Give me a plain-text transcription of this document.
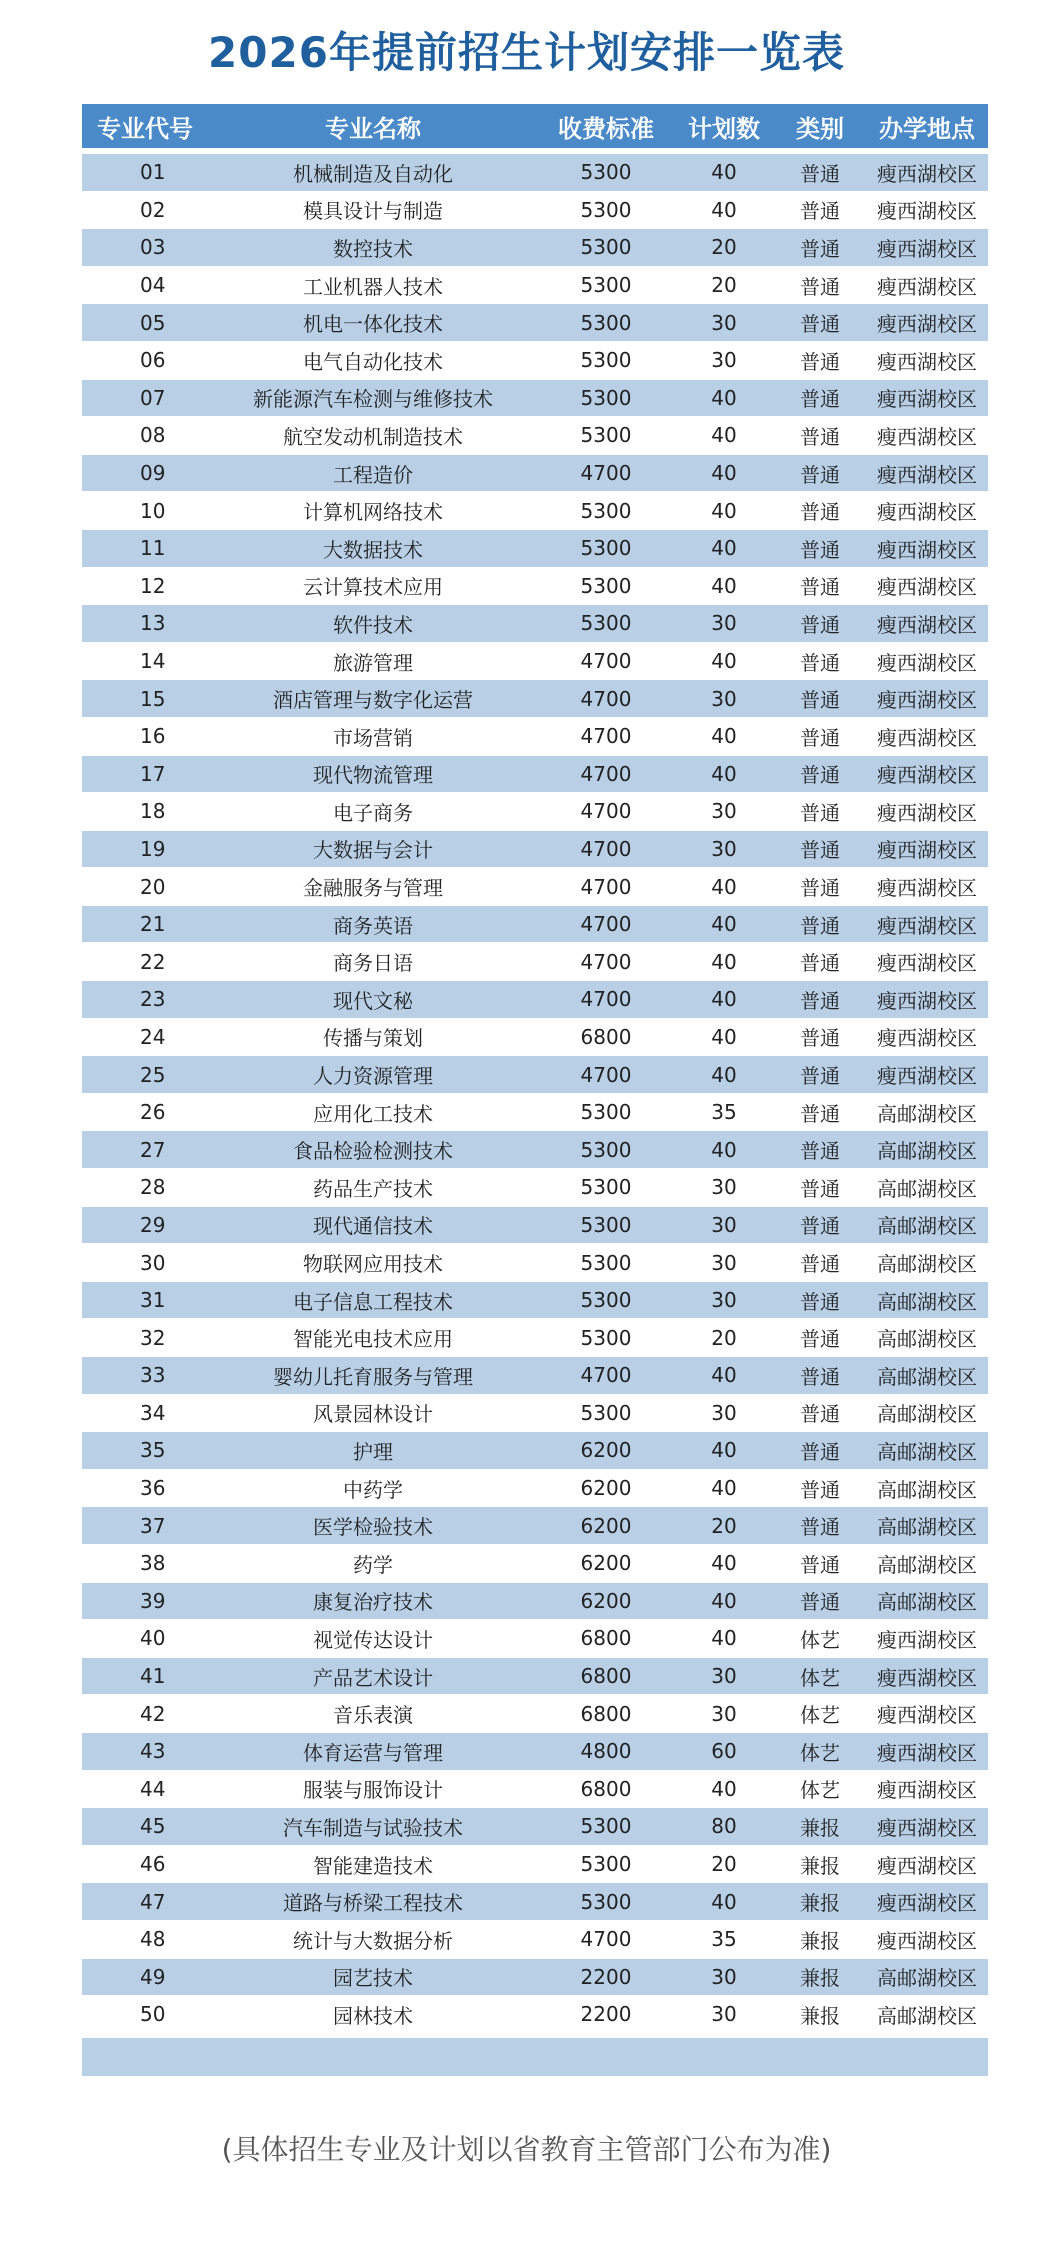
2026年提前招生计划安排一览表
专业代号	专业名称	收费标准	计划数	类别	办学地点
01	机械制造及自动化	5300	40	普通	瘦西湖校区
02	模具设计与制造	5300	40	普通	瘦西湖校区
03	数控技术	5300	20	普通	瘦西湖校区
04	工业机器人技术	5300	20	普通	瘦西湖校区
05	机电一体化技术	5300	30	普通	瘦西湖校区
06	电气自动化技术	5300	30	普通	瘦西湖校区
07	新能源汽车检测与维修技术	5300	40	普通	瘦西湖校区
08	航空发动机制造技术	5300	40	普通	瘦西湖校区
09	工程造价	4700	40	普通	瘦西湖校区
10	计算机网络技术	5300	40	普通	瘦西湖校区
11	大数据技术	5300	40	普通	瘦西湖校区
12	云计算技术应用	5300	40	普通	瘦西湖校区
13	软件技术	5300	30	普通	瘦西湖校区
14	旅游管理	4700	40	普通	瘦西湖校区
15	酒店管理与数字化运营	4700	30	普通	瘦西湖校区
16	市场营销	4700	40	普通	瘦西湖校区
17	现代物流管理	4700	40	普通	瘦西湖校区
18	电子商务	4700	30	普通	瘦西湖校区
19	大数据与会计	4700	30	普通	瘦西湖校区
20	金融服务与管理	4700	40	普通	瘦西湖校区
21	商务英语	4700	40	普通	瘦西湖校区
22	商务日语	4700	40	普通	瘦西湖校区
23	现代文秘	4700	40	普通	瘦西湖校区
24	传播与策划	6800	40	普通	瘦西湖校区
25	人力资源管理	4700	40	普通	瘦西湖校区
26	应用化工技术	5300	35	普通	高邮湖校区
27	食品检验检测技术	5300	40	普通	高邮湖校区
28	药品生产技术	5300	30	普通	高邮湖校区
29	现代通信技术	5300	30	普通	高邮湖校区
30	物联网应用技术	5300	30	普通	高邮湖校区
31	电子信息工程技术	5300	30	普通	高邮湖校区
32	智能光电技术应用	5300	20	普通	高邮湖校区
33	婴幼儿托育服务与管理	4700	40	普通	高邮湖校区
34	风景园林设计	5300	30	普通	高邮湖校区
35	护理	6200	40	普通	高邮湖校区
36	中药学	6200	40	普通	高邮湖校区
37	医学检验技术	6200	20	普通	高邮湖校区
38	药学	6200	40	普通	高邮湖校区
39	康复治疗技术	6200	40	普通	高邮湖校区
40	视觉传达设计	6800	40	体艺	瘦西湖校区
41	产品艺术设计	6800	30	体艺	瘦西湖校区
42	音乐表演	6800	30	体艺	瘦西湖校区
43	体育运营与管理	4800	60	体艺	瘦西湖校区
44	服装与服饰设计	6800	40	体艺	瘦西湖校区
45	汽车制造与试验技术	5300	80	兼报	瘦西湖校区
46	智能建造技术	5300	20	兼报	瘦西湖校区
47	道路与桥梁工程技术	5300	40	兼报	瘦西湖校区
48	统计与大数据分析	4700	35	兼报	瘦西湖校区
49	园艺技术	2200	30	兼报	高邮湖校区
50	园林技术	2200	30	兼报	高邮湖校区
(具体招生专业及计划以省教育主管部门公布为准)
